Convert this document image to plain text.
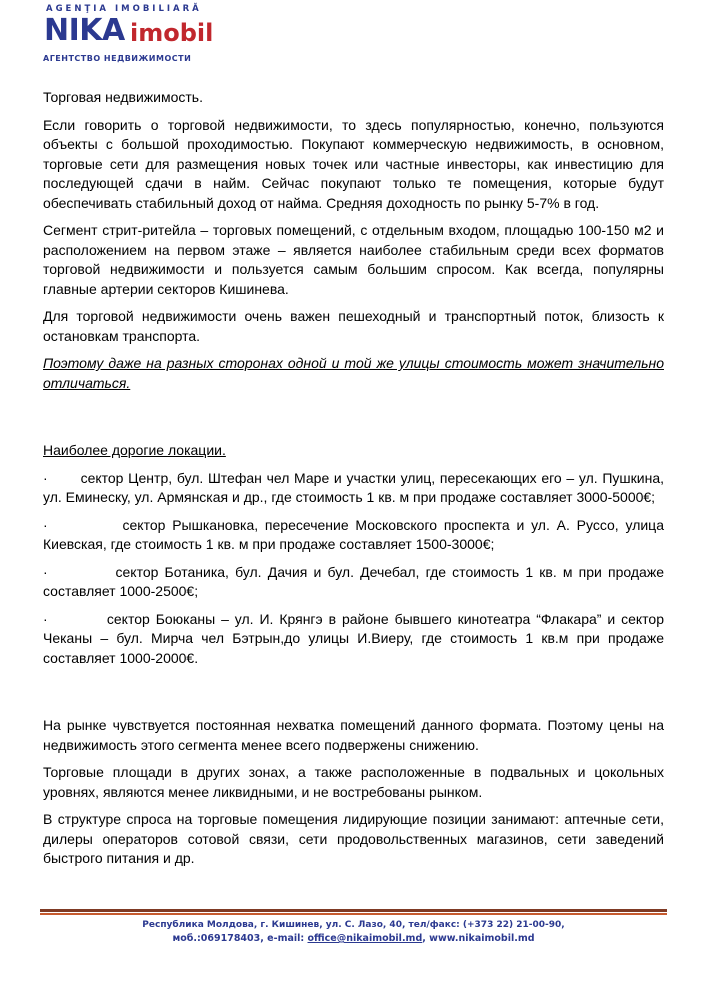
AGENŢIA IMOBILIARĂ
NIKA imobil
АГЕНТСТВО НЕДВИЖИМОСТИ

Торговая недвижимость.

Если говорить о торговой недвижимости, то здесь популярностью, конечно, пользуются объекты с большой проходимостью. Покупают коммерческую недвижимость, в основном, торговые сети для размещения новых точек или частные инвесторы, как инвестицию для последующей сдачи в найм. Сейчас покупают только те помещения, которые будут обеспечивать стабильный доход от найма. Средняя доходность по рынку 5-7% в год.

Сегмент стрит-ритейла – торговых помещений, с отдельным входом, площадью 100-150 м2 и расположением на первом этаже – является наиболее стабильным среди всех форматов торговой недвижимости и пользуется самым большим спросом. Как всегда, популярны главные артерии секторов Кишинева.

Для торговой недвижимости очень важен пешеходный и транспортный поток, близость к остановкам транспорта.

Поэтому даже на разных сторонах одной и той же улицы стоимость может значительно отличаться.

Наиболее дорогие локации.

· сектор Центр, бул. Штефан чел Маре и участки улиц, пересекающих его – ул. Пушкина, ул. Еминеску, ул. Армянская и др., где стоимость 1 кв. м при продаже составляет 3000-5000€;

·	сектор Рышкановка, пересечение Московского проспекта и ул. А. Руссо, улица Киевская, где стоимость 1 кв. м при продаже составляет 1500-3000€;

·	сектор Ботаника, бул. Дачия и бул. Дечебал, где стоимость 1 кв. м при продаже составляет 1000-2500€;

·	сектор Боюканы – ул. И. Крянгэ в районе бывшего кинотеатра “Флакара” и сектор Чеканы – бул. Мирча чел Бэтрын,до улицы И.Виеру, где стоимость 1 кв.м при продаже составляет 1000-2000€.

На рынке чувствуется постоянная нехватка помещений данного формата. Поэтому цены на недвижимость этого сегмента менее всего подвержены снижению.

Торговые площади в других зонах, а также расположенные в подвальных и цокольных уровнях, являются менее ликвидными, и не востребованы рынком.

В структуре спроса на торговые помещения лидирующие позиции занимают: аптечные сети, дилеры операторов сотовой связи, сети продовольственных магазинов, сети заведений быстрого питания и др.

Республика Молдова, г. Кишинев, ул. С. Лазо, 40, тел/факс: (+373 22) 21-00-90,
моб.:069178403, e-mail: office@nikaimobil.md, www.nikaimobil.md
